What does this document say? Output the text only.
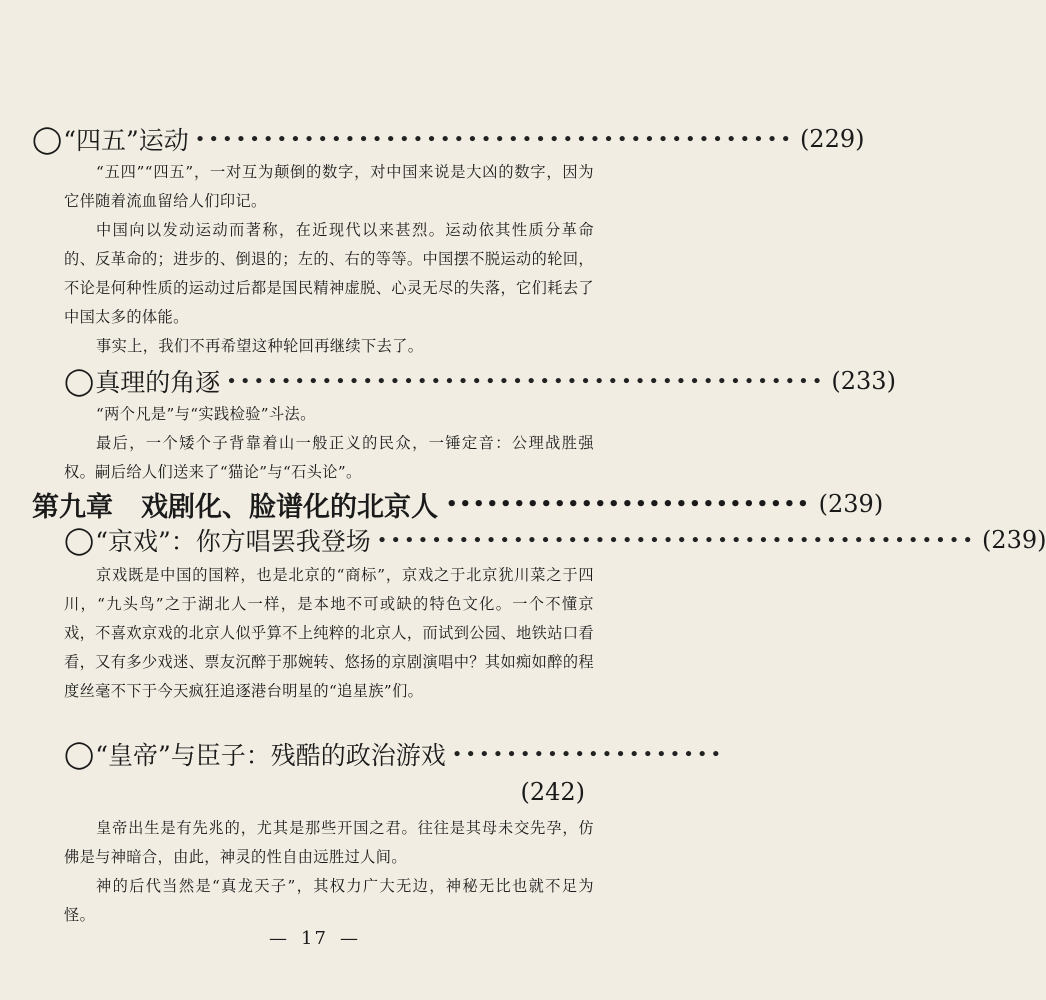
◯ “四五”运动 •••••••••••••••••••••••••••••••••••••••••••• (229)
“五四”“四五”，一对互为颠倒的数字，对中国来说是大凶的数字，因为它伴随着流血留给人们印记。
中国向以发动运动而著称，在近现代以来甚烈。运动依其性质分革命的、反革命的；进步的、倒退的；左的、右的等等。中国摆不脱运动的轮回，不论是何种性质的运动过后都是国民精神虚脱、心灵无尽的失落，它们耗去了中国太多的体能。
事实上，我们不再希望这种轮回再继续下去了。
◯ 真理的角逐 •••••••••••••••••••••••••••••••••••••••••••• (233)
“两个凡是”与“实践检验”斗法。
最后，一个矮个子背靠着山一般正义的民众，一锤定音：公理战胜强权。嗣后给人们送来了“猫论”与“石头论”。
第九章 戏剧化、脸谱化的北京人 ••••••••••••••••••••••••••• (239)
◯ “京戏”：你方唱罢我登场 •••••••••••••••••••••••••••••••••••••••••••• (239)
京戏既是中国的国粹，也是北京的“商标”，京戏之于北京犹川菜之于四川，“九头鸟”之于湖北人一样，是本地不可或缺的特色文化。一个不懂京戏，不喜欢京戏的北京人似乎算不上纯粹的北京人，而试到公园、地铁站口看看，又有多少戏迷、票友沉醉于那婉转、悠扬的京剧演唱中？其如痴如醉的程度丝毫不下于今天疯狂追逐港台明星的“追星族”们。
◯ “皇帝”与臣子：残酷的政治游戏 ••••••••••••••••••••
(242)
皇帝出生是有先兆的，尤其是那些开国之君。往往是其母未交先孕，仿佛是与神暗合，由此，神灵的性自由远胜过人间。
神的后代当然是“真龙天子”，其权力广大无边，神秘无比也就不足为怪。
— 17 —
